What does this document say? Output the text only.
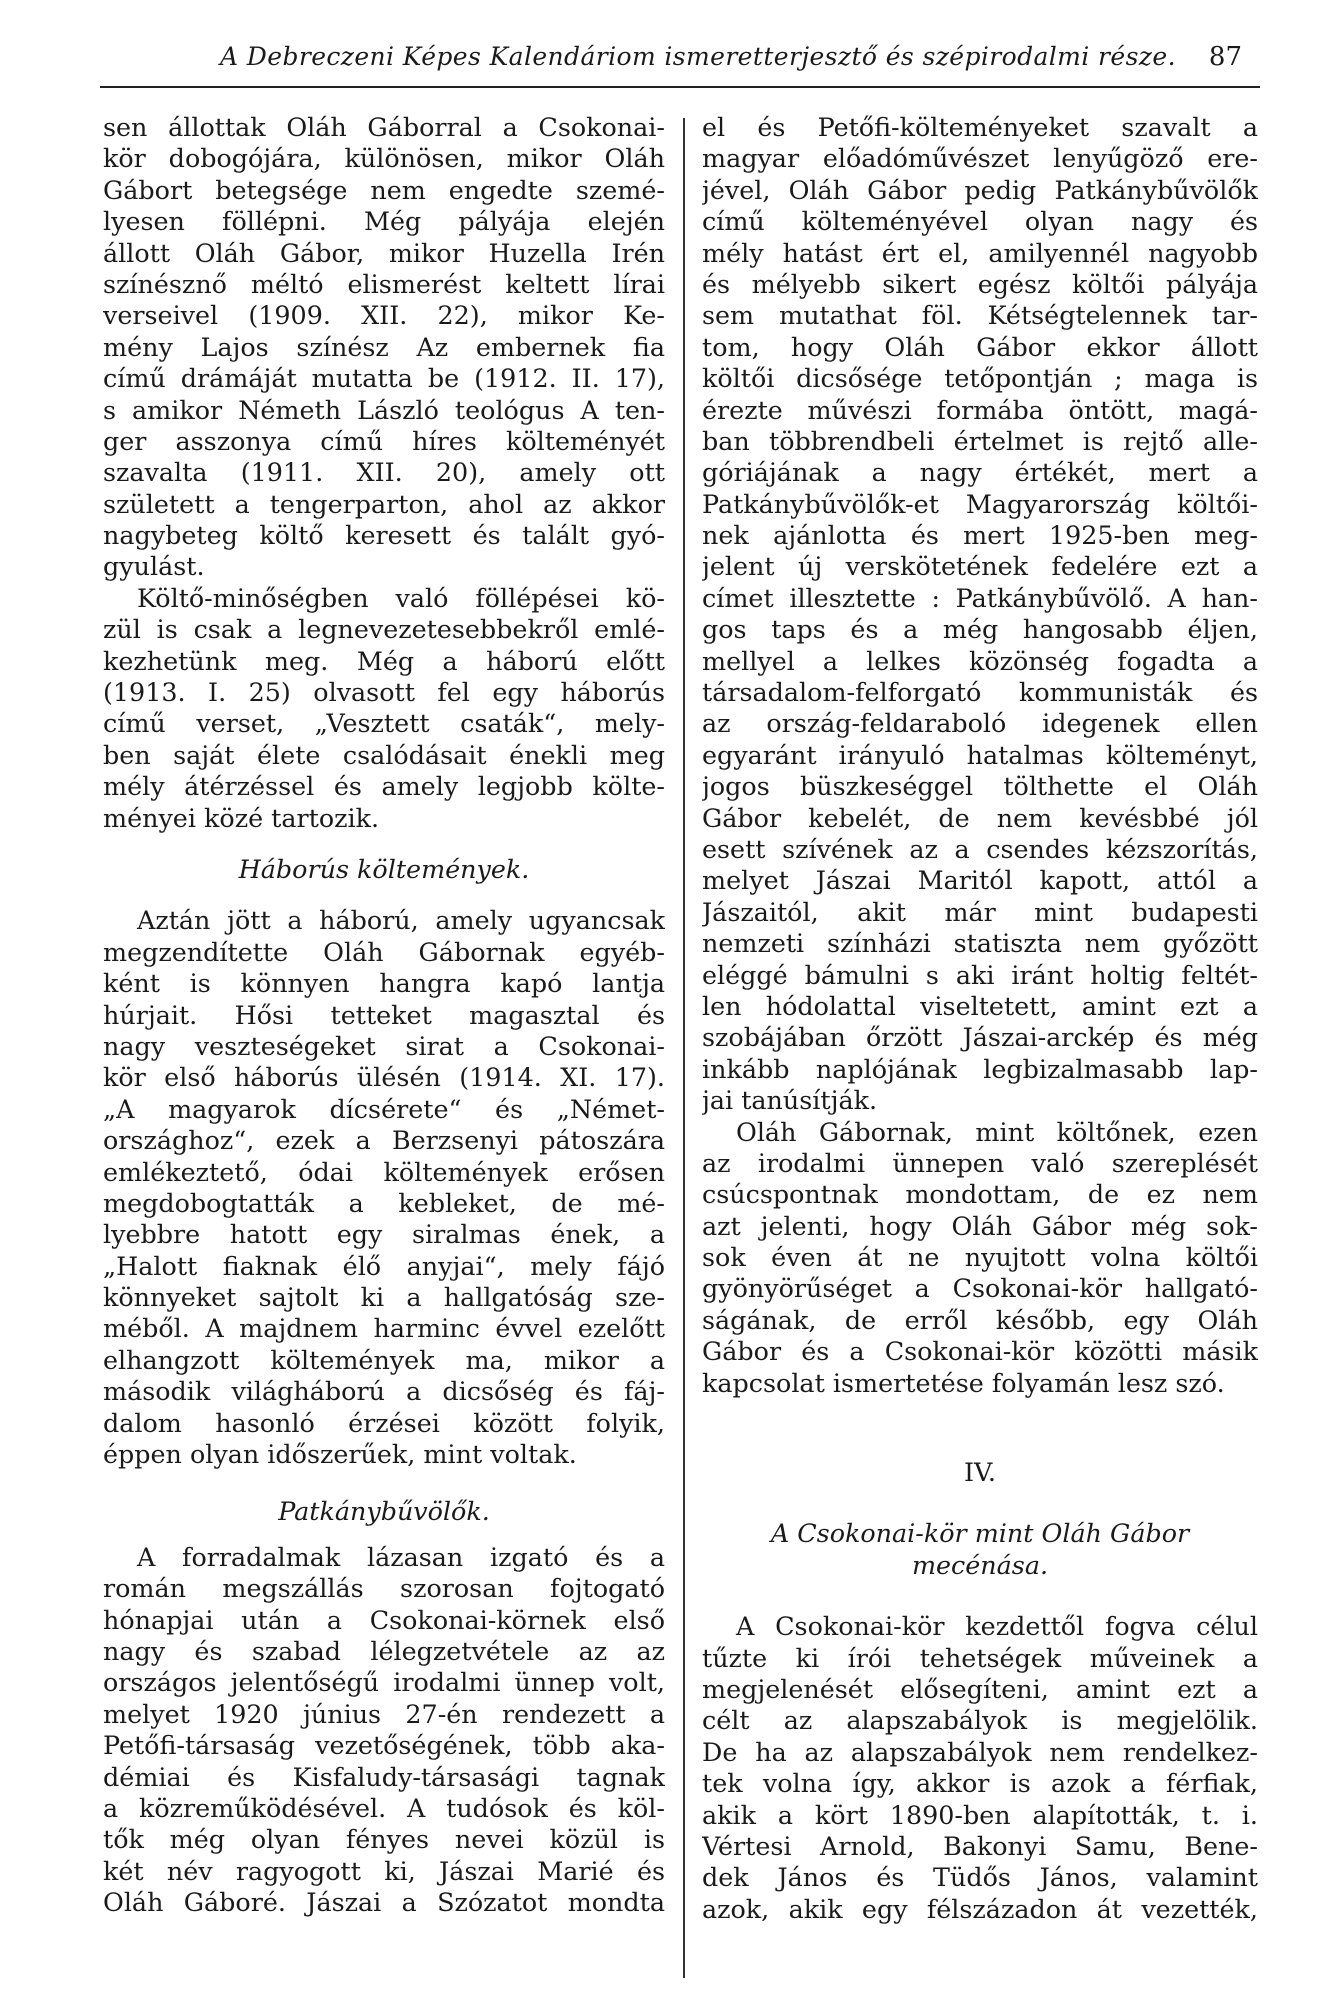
A Debreczeni Képes Kalendáriom ismeretterjesztő és szépirodalmi része. 87
sen állottak Oláh Gáborral a Csokonai-
kör dobogójára, különösen, mikor Oláh
Gábort betegsége nem engedte szemé-
lyesen föllépni. Még pályája elején
állott Oláh Gábor, mikor Huzella Irén
színésznő méltó elismerést keltett lírai
verseivel (1909. XII. 22), mikor Ke-
mény Lajos színész Az embernek fia
című drámáját mutatta be (1912. II. 17),
s amikor Németh László teológus A ten-
ger asszonya című híres költeményét
szavalta (1911. XII. 20), amely ott
született a tengerparton, ahol az akkor
nagybeteg költő keresett és talált gyó-
gyulást.
Költő-minőségben való föllépései kö-
zül is csak a legnevezetesebbekről emlé-
kezhetünk meg. Még a háború előtt
(1913. I. 25) olvasott fel egy háborús
című verset, „Vesztett csaták“, mely-
ben saját élete csalódásait énekli meg
mély átérzéssel és amely legjobb költe-
ményei közé tartozik.
Háborús költemények.
Aztán jött a háború, amely ugyancsak
megzendítette Oláh Gábornak egyéb-
ként is könnyen hangra kapó lantja
húrjait. Hősi tetteket magasztal és
nagy veszteségeket sirat a Csokonai-
kör első háborús ülésén (1914. XI. 17).
„A magyarok dícsérete“ és „Német-
országhoz“, ezek a Berzsenyi pátoszára
emlékeztető, ódai költemények erősen
megdobogtatták a kebleket, de mé-
lyebbre hatott egy siralmas ének, a
„Halott fiaknak élő anyjai“, mely fájó
könnyeket sajtolt ki a hallgatóság sze-
méből. A majdnem harminc évvel ezelőtt
elhangzott költemények ma, mikor a
második világháború a dicsőség és fáj-
dalom hasonló érzései között folyik,
éppen olyan időszerűek, mint voltak.
Patkánybűvölők.
A forradalmak lázasan izgató és a
román megszállás szorosan fojtogató
hónapjai után a Csokonai-körnek első
nagy és szabad lélegzetvétele az az
országos jelentőségű irodalmi ünnep volt,
melyet 1920 június 27-én rendezett a
Petőfi-társaság vezetőségének, több aka-
démiai és Kisfaludy-társasági tagnak
a közreműködésével. A tudósok és köl-
tők még olyan fényes nevei közül is
két név ragyogott ki, Jászai Marié és
Oláh Gáboré. Jászai a Szózatot mondta
el és Petőfi-költeményeket szavalt a
magyar előadóművészet lenyűgöző ere-
jével, Oláh Gábor pedig Patkánybűvölők
című költeményével olyan nagy és
mély hatást ért el, amilyennél nagyobb
és mélyebb sikert egész költői pályája
sem mutathat föl. Kétségtelennek tar-
tom, hogy Oláh Gábor ekkor állott
költői dicsősége tetőpontján ; maga is
érezte művészi formába öntött, magá-
ban többrendbeli értelmet is rejtő alle-
góriájának a nagy értékét, mert a
Patkánybűvölők-et Magyarország költői-
nek ajánlotta és mert 1925-ben meg-
jelent új verskötetének fedelére ezt a
címet illesztette : Patkánybűvölő. A han-
gos taps és a még hangosabb éljen,
mellyel a lelkes közönség fogadta a
társadalom-felforgató kommunisták és
az ország-feldaraboló idegenek ellen
egyaránt irányuló hatalmas költeményt,
jogos büszkeséggel tölthette el Oláh
Gábor kebelét, de nem kevésbbé jól
esett szívének az a csendes kézszorítás,
melyet Jászai Maritól kapott, attól a
Jászaitól, akit már mint budapesti
nemzeti színházi statiszta nem győzött
eléggé bámulni s aki iránt holtig feltét-
len hódolattal viseltetett, amint ezt a
szobájában őrzött Jászai-arckép és még
inkább naplójának legbizalmasabb lap-
jai tanúsítják.
Oláh Gábornak, mint költőnek, ezen
az irodalmi ünnepen való szereplését
csúcspontnak mondottam, de ez nem
azt jelenti, hogy Oláh Gábor még sok-
sok éven át ne nyujtott volna költői
gyönyörűséget a Csokonai-kör hallgató-
ságának, de erről később, egy Oláh
Gábor és a Csokonai-kör közötti másik
kapcsolat ismertetése folyamán lesz szó.
IV.
A Csokonai-kör mint Oláh Gábor
mecénása.
A Csokonai-kör kezdettől fogva célul
tűzte ki írói tehetségek műveinek a
megjelenését elősegíteni, amint ezt a
célt az alapszabályok is megjelölik.
De ha az alapszabályok nem rendelkez-
tek volna így, akkor is azok a férfiak,
akik a kört 1890-ben alapították, t. i.
Vértesi Arnold, Bakonyi Samu, Bene-
dek János és Tüdős János, valamint
azok, akik egy félszázadon át vezették,
